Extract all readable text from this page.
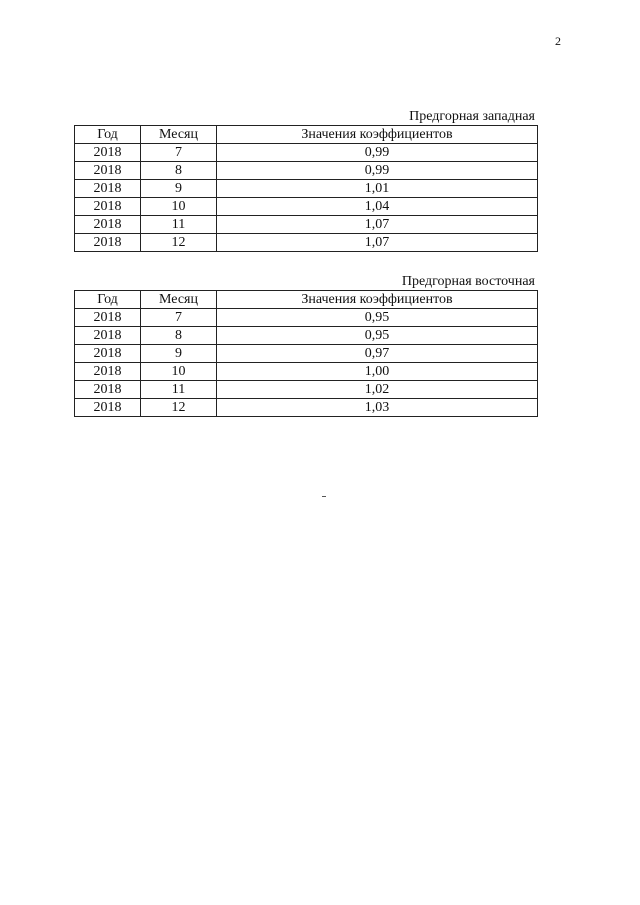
2
Предгорная западная
Год	Месяц	Значения коэффициентов
2018	7	0,99
2018	8	0,99
2018	9	1,01
2018	10	1,04
2018	11	1,07
2018	12	1,07
Предгорная восточная
Год	Месяц	Значения коэффициентов
2018	7	0,95
2018	8	0,95
2018	9	0,97
2018	10	1,00
2018	11	1,02
2018	12	1,03
